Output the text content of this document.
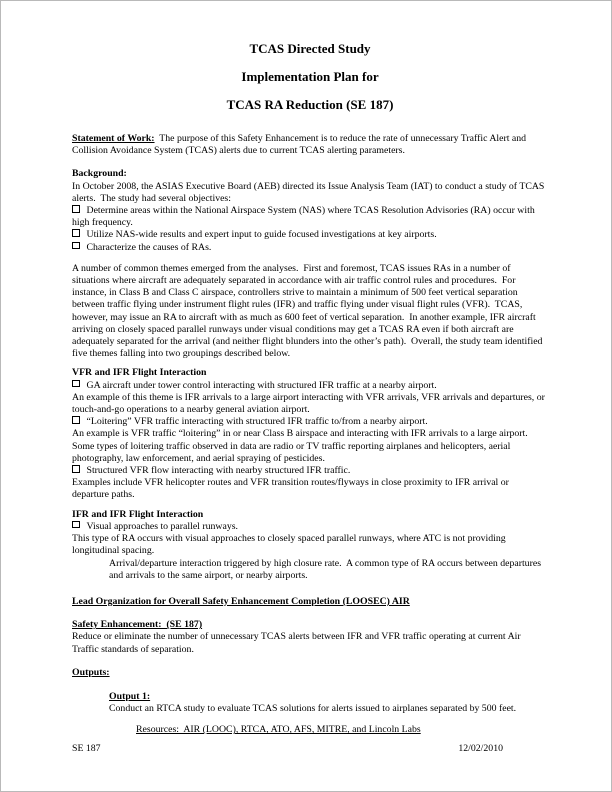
TCAS Directed Study
Implementation Plan for
TCAS RA Reduction (SE 187)

Statement of Work:  The purpose of this Safety Enhancement is to reduce the rate of unnecessary Traffic Alert and Collision Avoidance System (TCAS) alerts due to current TCAS alerting parameters.

Background:

In October 2008, the ASIAS Executive Board (AEB) directed its Issue Analysis Team (IAT) to conduct a study of TCAS alerts.  The study had several objectives:

Determine areas within the National Airspace System (NAS) where TCAS Resolution Advisories (RA) occur with high frequency.

Utilize NAS-wide results and expert input to guide focused investigations at key airports.

Characterize the causes of RAs.

A number of common themes emerged from the analyses.  First and foremost, TCAS issues RAs in a number of situations where aircraft are adequately separated in accordance with air traffic control rules and procedures.  For instance, in Class B and Class C airspace, controllers strive to maintain a minimum of 500 feet vertical separation between traffic flying under instrument flight rules (IFR) and traffic flying under visual flight rules (VFR).  TCAS, however, may issue an RA to aircraft with as much as 600 feet of vertical separation.  In another example, IFR aircraft arriving on closely spaced parallel runways under visual conditions may get a TCAS RA even if both aircraft are adequately separated for the arrival (and neither flight blunders into the other’s path).  Overall, the study team identified five themes falling into two groupings described below.

VFR and IFR Flight Interaction

GA aircraft under tower control interacting with structured IFR traffic at a nearby airport.

An example of this theme is IFR arrivals to a large airport interacting with VFR arrivals, VFR arrivals and departures, or touch-and-go operations to a nearby general aviation airport.

“Loitering” VFR traffic interacting with structured IFR traffic to/from a nearby airport.

An example is VFR traffic “loitering” in or near Class B airspace and interacting with IFR arrivals to a large airport.  Some types of loitering traffic observed in data are radio or TV traffic reporting airplanes and helicopters, aerial photography, law enforcement, and aerial spraying of pesticides.

Structured VFR flow interacting with nearby structured IFR traffic.

Examples include VFR helicopter routes and VFR transition routes/flyways in close proximity to IFR arrival or departure paths.

IFR and IFR Flight Interaction

Visual approaches to parallel runways.

This type of RA occurs with visual approaches to closely spaced parallel runways, where ATC is not providing longitudinal spacing.

Arrival/departure interaction triggered by high closure rate.  A common type of RA occurs between departures and arrivals to the same airport, or nearby airports.

Lead Organization for Overall Safety Enhancement Completion (LOOSEC) AIR

Safety Enhancement:  (SE 187)

Reduce or eliminate the number of unnecessary TCAS alerts between IFR and VFR traffic operating at current Air Traffic standards of separation.

Outputs:

Output 1:

Conduct an RTCA study to evaluate TCAS solutions for alerts issued to airplanes separated by 500 feet.

Resources:  AIR (LOOC), RTCA, ATO, AFS, MITRE, and Lincoln Labs

SE 187	12/02/2010
